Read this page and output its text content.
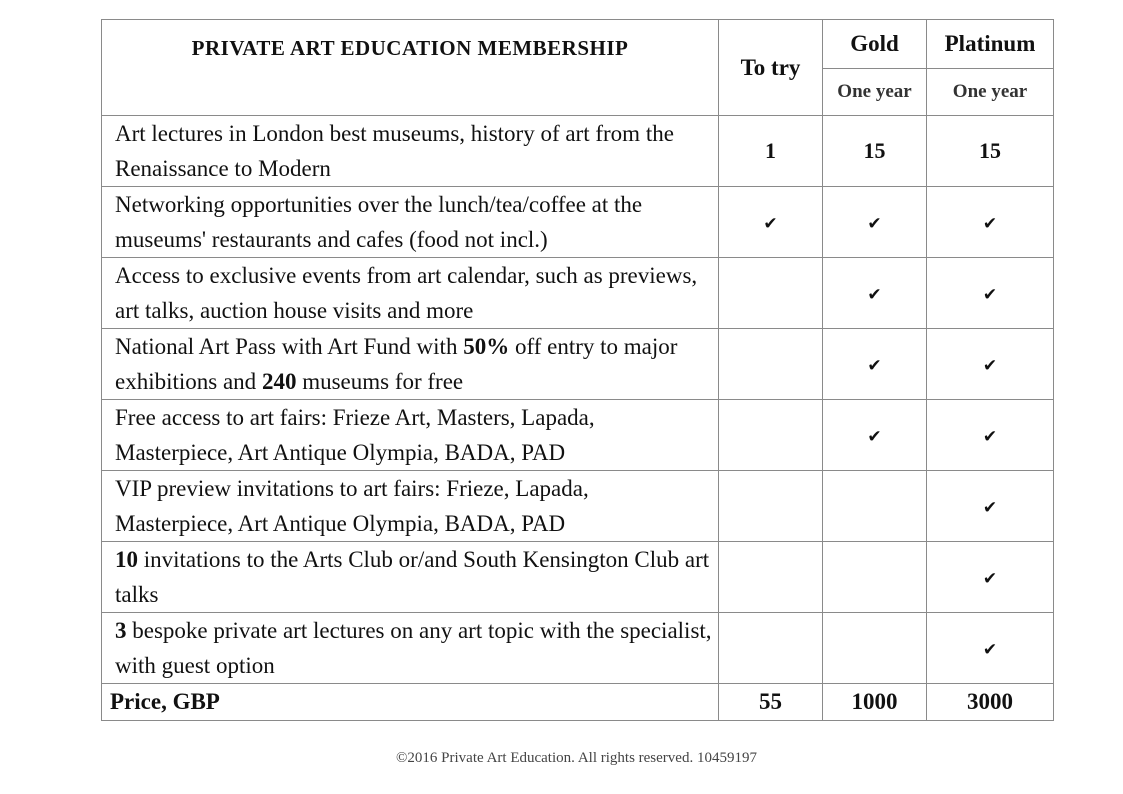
PRIVATE ART EDUCATION MEMBERSHIP	To try	Gold	Platinum
		One year	One year
Art lectures in London best museums, history of art from the Renaissance to Modern	1	15	15
Networking opportunities over the lunch/tea/coffee at the museums' restaurants and cafes (food not incl.)	✔	✔	✔
Access to exclusive events from art calendar, such as previews, art talks, auction house visits and more		✔	✔
National Art Pass with Art Fund with 50% off entry to major exhibitions and 240 museums for free		✔	✔
Free access to art fairs: Frieze Art, Masters, Lapada, Masterpiece, Art Antique Olympia, BADA, PAD		✔	✔
VIP preview invitations to art fairs: Frieze, Lapada, Masterpiece, Art Antique Olympia, BADA, PAD			✔
10 invitations to the Arts Club or/and South Kensington Club art talks			✔
3 bespoke private art lectures on any art topic with the specialist, with guest option			✔
Price, GBP	55	1000	3000
©2016 Private Art Education. All rights reserved. 10459197
